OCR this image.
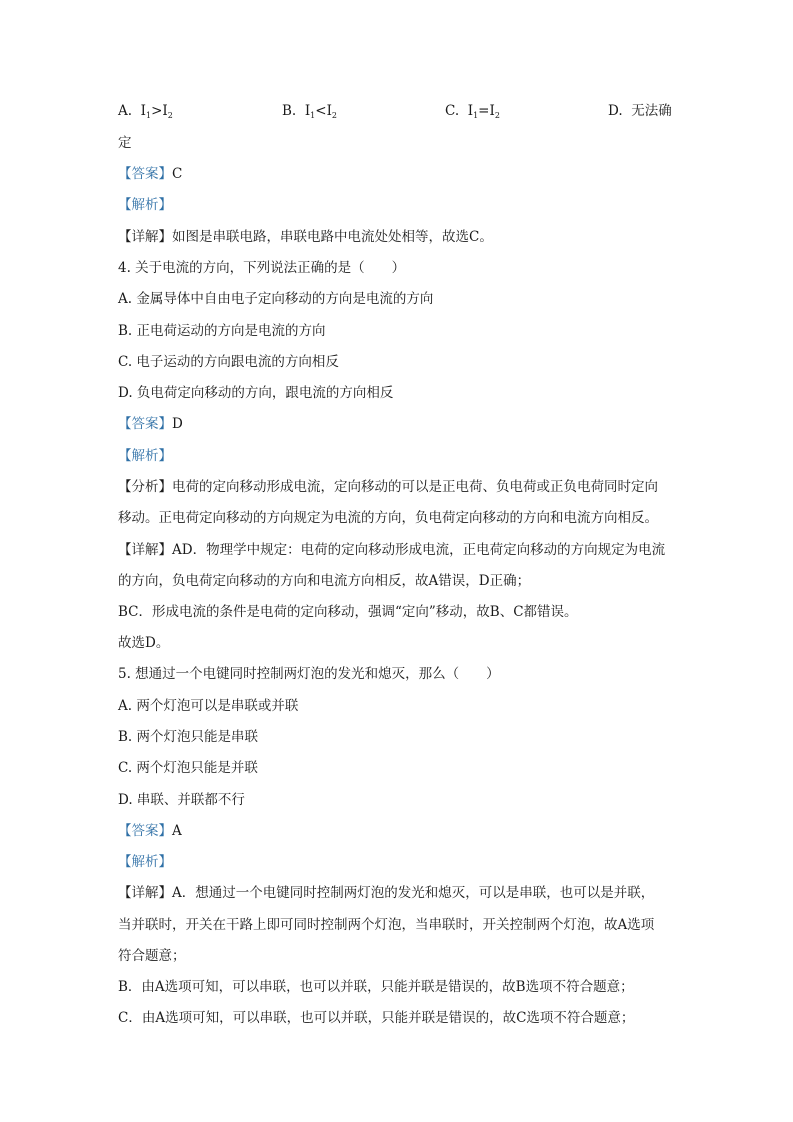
A. $I_1>I_2$	B. $I_1<I_2$	C. $I_1=I_2$	D. 无法确
定
【答案】C
【解析】
【详解】如图是串联电路，串联电路中电流处处相等，故选C。
4. 关于电流的方向，下列说法正确的是（　　）
A. 金属导体中自由电子定向移动的方向是电流的方向
B. 正电荷运动的方向是电流的方向
C. 电子运动的方向跟电流的方向相反
D. 负电荷定向移动的方向，跟电流的方向相反
【答案】D
【解析】
【分析】电荷的定向移动形成电流，定向移动的可以是正电荷、负电荷或正负电荷同时定向
移动。正电荷定向移动的方向规定为电流的方向，负电荷定向移动的方向和电流方向相反。
【详解】AD．物理学中规定：电荷的定向移动形成电流，正电荷定向移动的方向规定为电流
的方向，负电荷定向移动的方向和电流方向相反，故A错误，D正确；
BC．形成电流的条件是电荷的定向移动，强调“定向”移动，故B、C都错误。
故选D。
5. 想通过一个电键同时控制两灯泡的发光和熄灭，那么（　　）
A. 两个灯泡可以是串联或并联
B. 两个灯泡只能是串联
C. 两个灯泡只能是并联
D. 串联、并联都不行
【答案】A
【解析】
【详解】A．想通过一个电键同时控制两灯泡的发光和熄灭，可以是串联，也可以是并联，
当并联时，开关在干路上即可同时控制两个灯泡，当串联时，开关控制两个灯泡，故A选项
符合题意；
B．由A选项可知，可以串联，也可以并联，只能并联是错误的，故B选项不符合题意；
C．由A选项可知，可以串联，也可以并联，只能并联是错误的，故C选项不符合题意；
